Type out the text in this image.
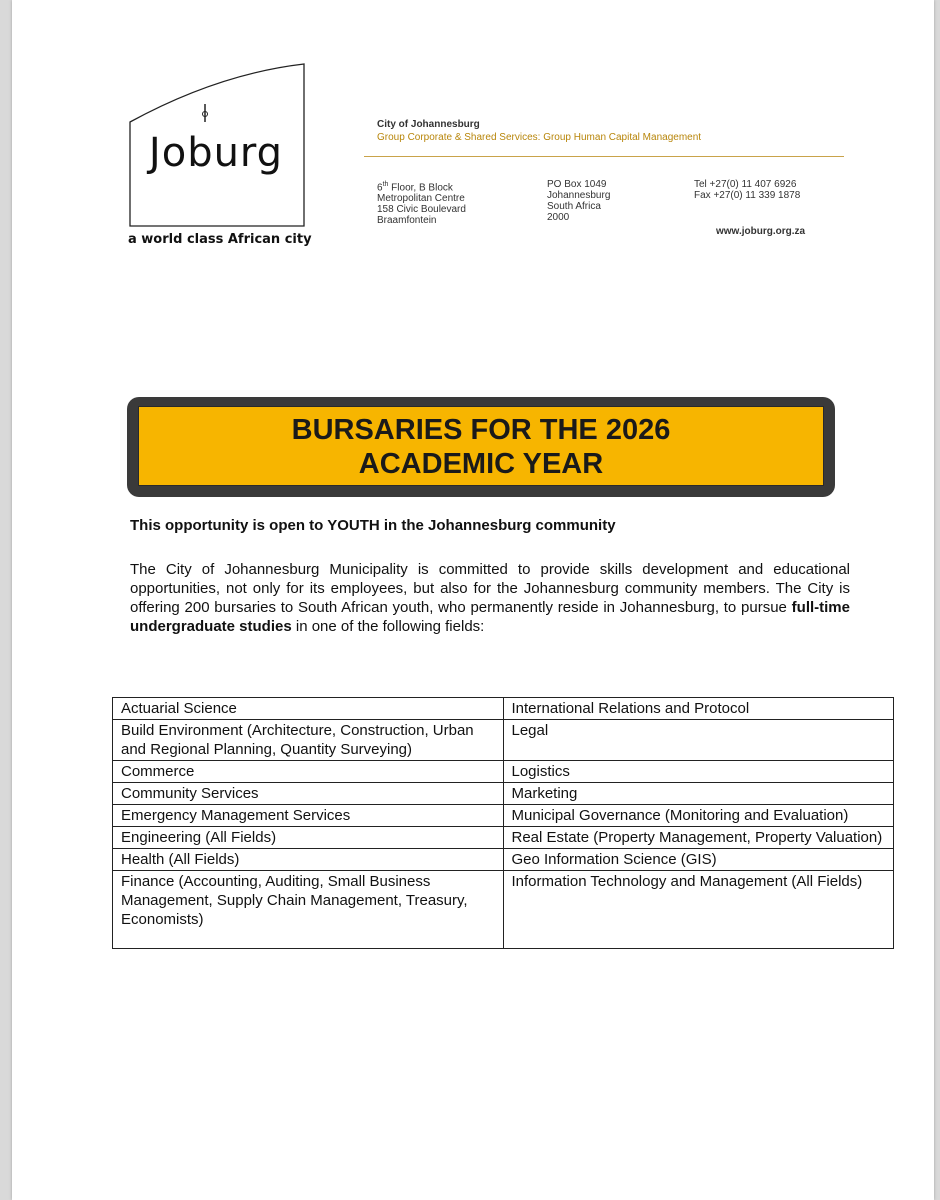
Joburg
a world class African city
City of Johannesburg
Group Corporate & Shared Services: Group Human Capital Management
6th Floor, B Block
Metropolitan Centre
158 Civic Boulevard
Braamfontein
PO Box 1049
Johannesburg
South Africa
2000
Tel +27(0) 11 407 6926
Fax +27(0) 11 339 1878
www.joburg.org.za
BURSARIES FOR THE 2026
ACADEMIC YEAR
This opportunity is open to YOUTH in the Johannesburg community
The City of Johannesburg Municipality is committed to provide skills development and educational opportunities, not only for its employees, but also for the Johannesburg community members. The City is offering 200 bursaries to South African youth, who permanently reside in Johannesburg, to pursue full-time undergraduate studies in one of the following fields:
Actuarial Science	International Relations and Protocol
Build Environment (Architecture, Construction, Urban and Regional Planning, Quantity Surveying)	Legal
Commerce	Logistics
Community Services	Marketing
Emergency Management Services	Municipal Governance (Monitoring and Evaluation)
Engineering (All Fields)	Real Estate (Property Management, Property Valuation)
Health (All Fields)	Geo Information Science (GIS)
Finance (Accounting, Auditing, Small Business Management, Supply Chain Management, Treasury, Economists)	Information Technology and Management (All Fields)
